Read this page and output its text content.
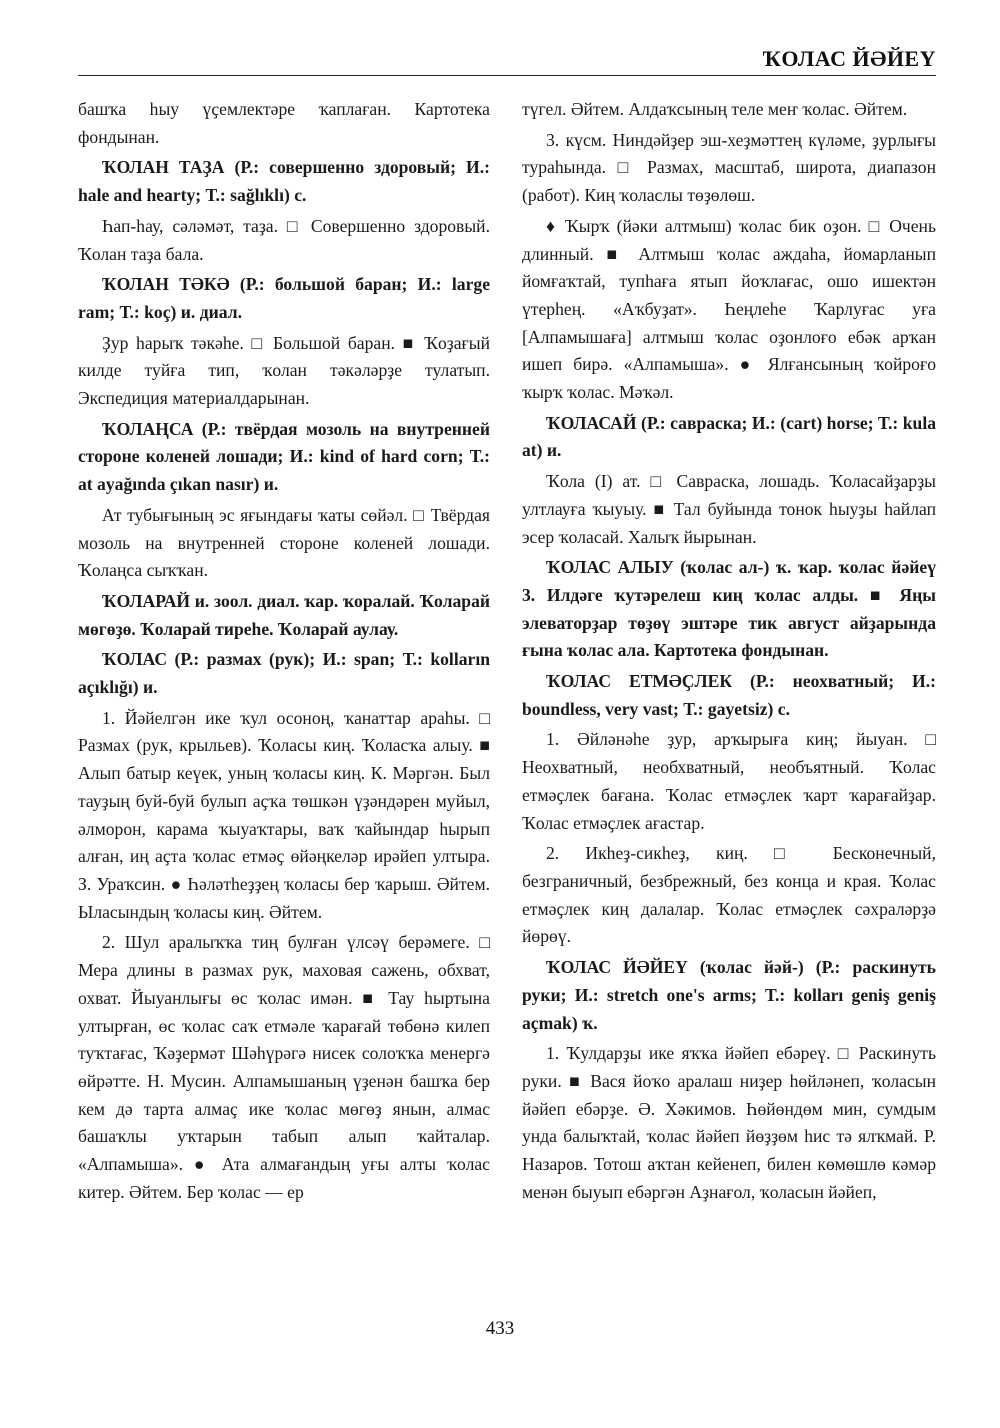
ҠОЛАС ЙӘЙЕҮ

башҡа һыу үҫемлектәре ҡаплаған. Картотека фондынан.

ҠОЛАН ТАҘА (Р.: совершенно здоровый; И.: hale and hearty; Т.: sağlıklı) с.

Һап-һау, сәләмәт, таҙа. □ Совершенно здоровый. Ҡолан таҙа бала.

ҠОЛАН ТӘКӘ (Р.: большой баран; И.: large ram; Т.: koç) и. диал.

Ҙур һарыҡ тәкәһе. □ Большой баран. ■ Ҡоҙағый килде туйға тип, ҡолан тәкәләрҙе тулатып. Экспедиция материалдарынан.

ҠОЛАҢСА (Р.: твёрдая мозоль на внутренней стороне коленей лошади; И.: kind of hard corn; Т.: at ayağında çıkan nasır) и.

Ат тубығының эс яғындағы ҡаты сөйәл. □ Твёрдая мозоль на внутренней стороне коленей лошади. Ҡолаңса сыҡҡан.

ҠОЛАРАЙ и. зоол. диал. ҡар. ҡоралай. Ҡоларай мөгөҙө. Ҡоларай тиреһе. Ҡоларай аулау.

ҠОЛАС (Р.: размах (рук); И.: span; Т.: kolların açıklığı) и.

1. Йәйелгән ике ҡул осоноң, ҡанаттар араһы. □ Размах (рук, крыльев). Ҡоласы киң. Ҡоласҡа алыу. ■ Алып батыр кеүек, уның ҡоласы киң. К. Мәргән. Был тауҙың буй-буй булып аҫҡа төшкән үҙәндәрен муйыл, әлморон, карама ҡыуаҡтары, ваҡ ҡайындар һырып алған, иң аҫта ҡолас етмәҫ өйәңкеләр ирәйеп ултыра. З. Ураҡсин. ● Һәләтһеҙҙең ҡоласы бер ҡарыш. Әйтем. Ыласындың ҡоласы киң. Әйтем.

2. Шул аралыҡҡа тиң булған үлсәү берәмеге. □ Мера длины в размах рук, маховая сажень, обхват, охват. Йыуанлығы өс ҡолас имән. ■ Тау һыртына ултырған, өс ҡолас саҡ етмәле ҡарағай төбөнә килеп туҡтағас, Ҡәҙермәт Шәһүрәгә нисек солоҡҡа менергә өйрәтте. Н. Мусин. Алпамышаның үҙенән башҡа бер кем дә тарта алмаҫ ике ҡолас мөгөҙ янын, алмас башаҡлы уҡтарын табып алып ҡайталар. «Алпамыша». ● Ата алмағандың уғы алты ҡолас китер. Әйтем. Бер ҡолас — ер

түгел. Әйтем. Алдаҡсының теле меҥ ҡолас. Әйтем.

3. күсм. Ниндәйҙер эш-хеҙмәттең күләме, ҙурлығы тураһында. □ Размах, масштаб, широта, диапазон (работ). Киң ҡоласлы төҙөлөш.

♦ Ҡырҡ (йәки алтмыш) ҡолас бик оҙон. □ Очень длинный. ■ Алтмыш ҡолас аждаһа, йомарланып йомғаҡтай, тупһаға ятып йоҡлағас, ошо ишектән үтерһең. «Аҡбуҙат». Һеңлеһе Ҡарлуғас уға [Алпамышаға] алтмыш ҡолас оҙонлоғо ебәк арҡан ишеп бирә. «Алпамыша». ● Ялғансының ҡойроғо ҡырҡ ҡолас. Мәҡәл.

ҠОЛАСАЙ (Р.: савраска; И.: (cart) horse; Т.: kula at) и.

Ҡола (I) ат. □ Савраска, лошадь. Ҡоласайҙарҙы ултлауға ҡыуыу. ■ Тал буйында тонок һыуҙы һайлап эсер ҡоласай. Халыҡ йырынан.

ҠОЛАС АЛЫУ (ҡолас ал-) ҡ. ҡар. ҡолас йәйеү 3. Илдәге ҡутәрелеш киң ҡолас алды. ■ Яңы элеваторҙар төҙөү эштәре тик август айҙарында ғына ҡолас ала. Картотека фондынан.

ҠОЛАС ЕТМӘҪЛЕК (Р.: неохватный; И.: boundless, very vast; Т.: gayetsiz) с.

1. Әйләнәһе ҙур, арҡырыға киң; йыуан. □ Неохватный, необхватный, необъятный. Ҡолас етмәҫлек бағана. Ҡолас етмәҫлек ҡарт ҡарағайҙар. Ҡолас етмәҫлек ағастар.

2. Икһеҙ-сикһеҙ, киң. □ Бесконечный, безграничный, безбрежный, без конца и края. Ҡолас етмәҫлек киң далалар. Ҡолас етмәҫлек сәхраләрҙә йөрөү.

ҠОЛАС ЙӘЙЕҮ (ҡолас йәй-) (Р.: раскинуть руки; И.: stretch one's arms; Т.: kolları geniş geniş açmak) ҡ.

1. Ҡулдарҙы ике яҡҡа йәйеп ебәреү. □ Раскинуть руки. ■ Вася йоҡо аралаш ниҙер һөйләнеп, ҡоласын йәйеп ебәрҙе. Ә. Хәкимов. Һөйөндөм мин, сумдым унда балыҡтай, ҡолас йәйеп йөҙҙөм һис тә ялҡмай. Р. Назаров. Тотош аҡтан кейенеп, билен көмөшлө кәмәр менән быуып ебәргән Аҙнағол, ҡоласын йәйеп,

433
